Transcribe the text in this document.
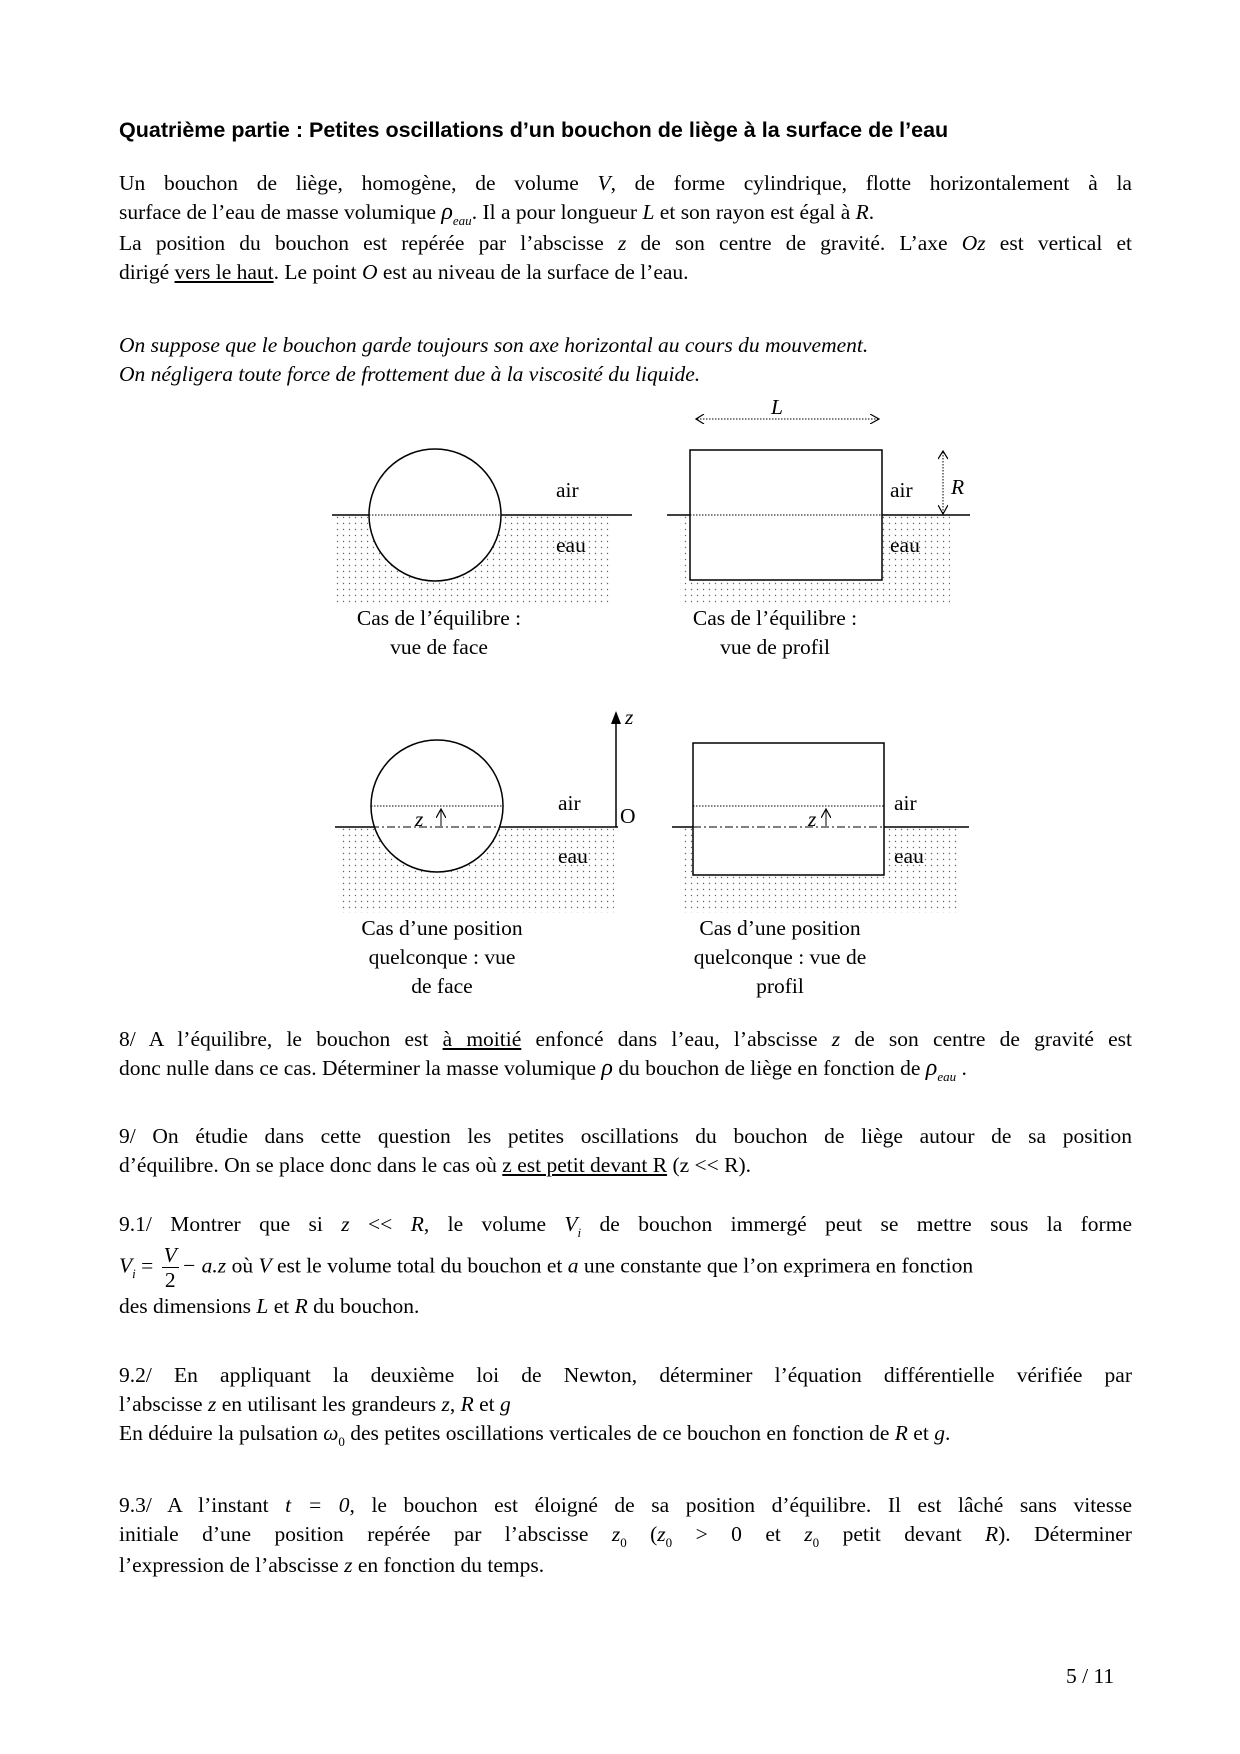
Quatrième partie : Petites oscillations d’un bouchon de liège à la surface de l’eau
Un bouchon de liège, homogène, de volume V, de forme cylindrique, flotte horizontalement à la
surface de l’eau de masse volumique $\rho_{eau}$. Il a pour longueur L et son rayon est égal à R.
La position du bouchon est repérée par l’abscisse z de son centre de gravité. L’axe Oz est vertical et
dirigé vers le haut. Le point O est au niveau de la surface de l’eau.
On suppose que le bouchon garde toujours son axe horizontal au cours du mouvement.
On négligera toute force de frottement due à la viscosité du liquide.
air
eau
L
R
air
eau
Cas de l’équilibre :
vue de face
Cas de l’équilibre :
vue de profil
z
air
eau
z
O	z
air
eau
Cas d’une position
quelconque : vue
de face
Cas d’une position
quelconque : vue de
profil
8/ A l’équilibre, le bouchon est à moitié enfoncé dans l’eau, l’abscisse z de son centre de gravité est
donc nulle dans ce cas. Déterminer la masse volumique ρ du bouchon de liège en fonction de $\rho_{eau}$ .
9/ On étudie dans cette question les petites oscillations du bouchon de liège autour de sa position
d’équilibre. On se place donc dans le cas où z est petit devant R (z << R).
9.1/ Montrer que si z << R, le volume $V_i$ de bouchon immergé peut se mettre sous la forme
$V_i = \frac{V}{2} - a.z$ où V est le volume total du bouchon et a une constante que l’on exprimera en fonction
des dimensions L et R du bouchon.
9.2/ En appliquant la deuxième loi de Newton, déterminer l’équation différentielle vérifiée par
l’abscisse z en utilisant les grandeurs z, R et g
En déduire la pulsation $\omega_0$ des petites oscillations verticales de ce bouchon en fonction de R et g.
9.3/ A l’instant t = 0, le bouchon est éloigné de sa position d’équilibre. Il est lâché sans vitesse
initiale d’une position repérée par l’abscisse $z_0$ ($z_0 > 0$ et $z_0$ petit devant R). Déterminer
l’expression de l’abscisse z en fonction du temps.
5 / 11
